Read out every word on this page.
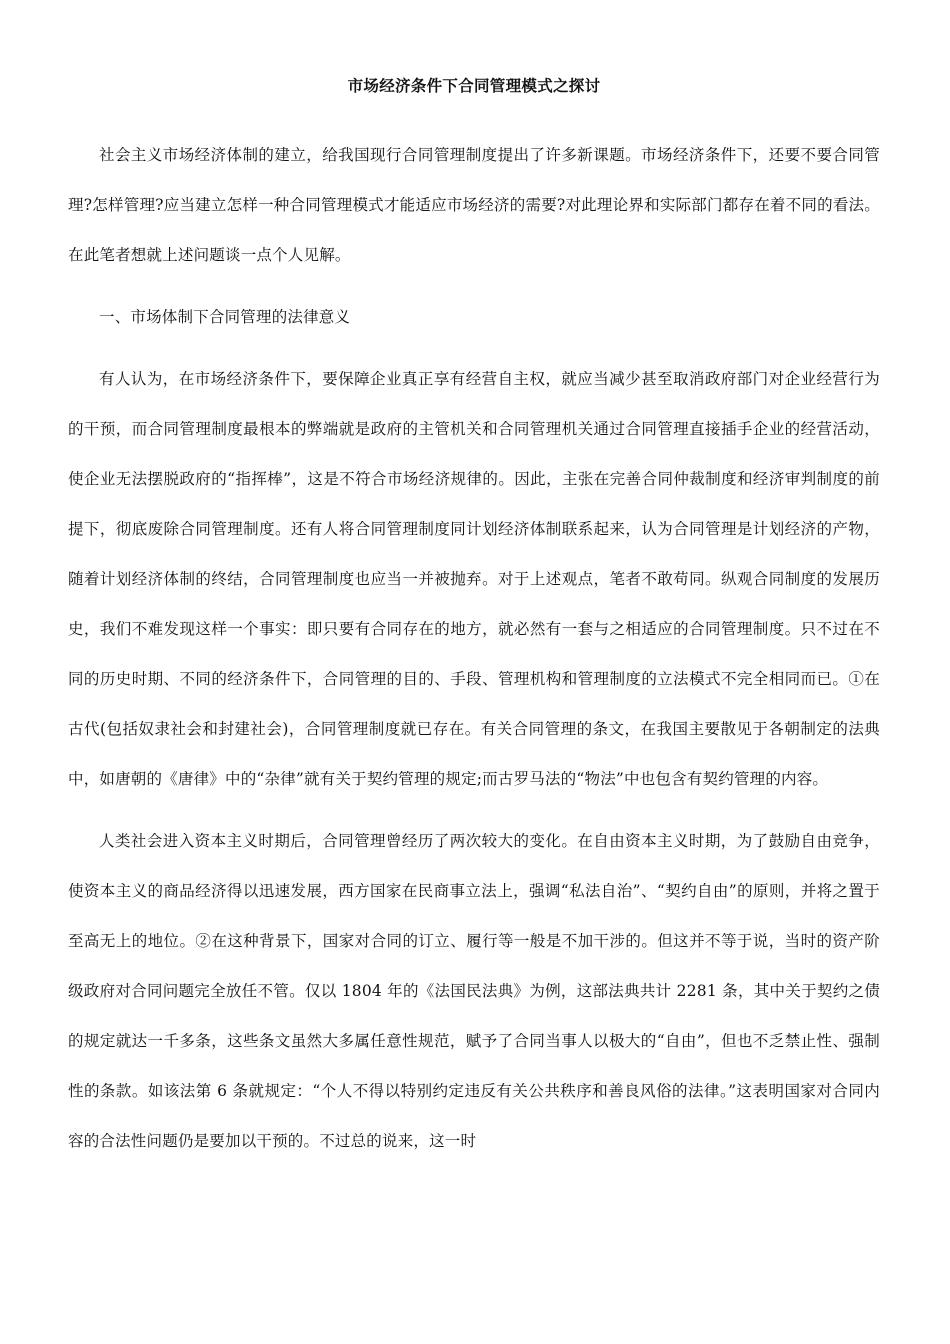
市场经济条件下合同管理模式之探讨

社会主义市场经济体制的建立，给我国现行合同管理制度提出了许多新课题。市场经济条件下，还要不要合同管理?怎样管理?应当建立怎样一种合同管理模式才能适应市场经济的需要?对此理论界和实际部门都存在着不同的看法。在此笔者想就上述问题谈一点个人见解。

一、市场体制下合同管理的法律意义

有人认为，在市场经济条件下，要保障企业真正享有经营自主权，就应当减少甚至取消政府部门对企业经营行为的干预，而合同管理制度最根本的弊端就是政府的主管机关和合同管理机关通过合同管理直接插手企业的经营活动，使企业无法摆脱政府的“指挥棒”，这是不符合市场经济规律的。因此，主张在完善合同仲裁制度和经济审判制度的前提下，彻底废除合同管理制度。还有人将合同管理制度同计划经济体制联系起来，认为合同管理是计划经济的产物，随着计划经济体制的终结，合同管理制度也应当一并被抛弃。对于上述观点，笔者不敢苟同。纵观合同制度的发展历史，我们不难发现这样一个事实：即只要有合同存在的地方，就必然有一套与之相适应的合同管理制度。只不过在不同的历史时期、不同的经济条件下，合同管理的目的、手段、管理机构和管理制度的立法模式不完全相同而已。①在古代(包括奴隶社会和封建社会)，合同管理制度就已存在。有关合同管理的条文，在我国主要散见于各朝制定的法典中，如唐朝的《唐律》中的“杂律”就有关于契约管理的规定;而古罗马法的“物法”中也包含有契约管理的内容。

人类社会进入资本主义时期后，合同管理曾经历了两次较大的变化。在自由资本主义时期，为了鼓励自由竞争，使资本主义的商品经济得以迅速发展，西方国家在民商事立法上，强调“私法自治”、“契约自由”的原则，并将之置于至高无上的地位。②在这种背景下，国家对合同的订立、履行等一般是不加干涉的。但这并不等于说，当时的资产阶级政府对合同问题完全放任不管。仅以 1804 年的《法国民法典》为例，这部法典共计 2281 条，其中关于契约之债的规定就达一千多条，这些条文虽然大多属任意性规范，赋予了合同当事人以极大的“自由”，但也不乏禁止性、强制性的条款。如该法第 6 条就规定：“个人不得以特别约定违反有关公共秩序和善良风俗的法律。”这表明国家对合同内容的合法性问题仍是要加以干预的。不过总的说来，这一时
